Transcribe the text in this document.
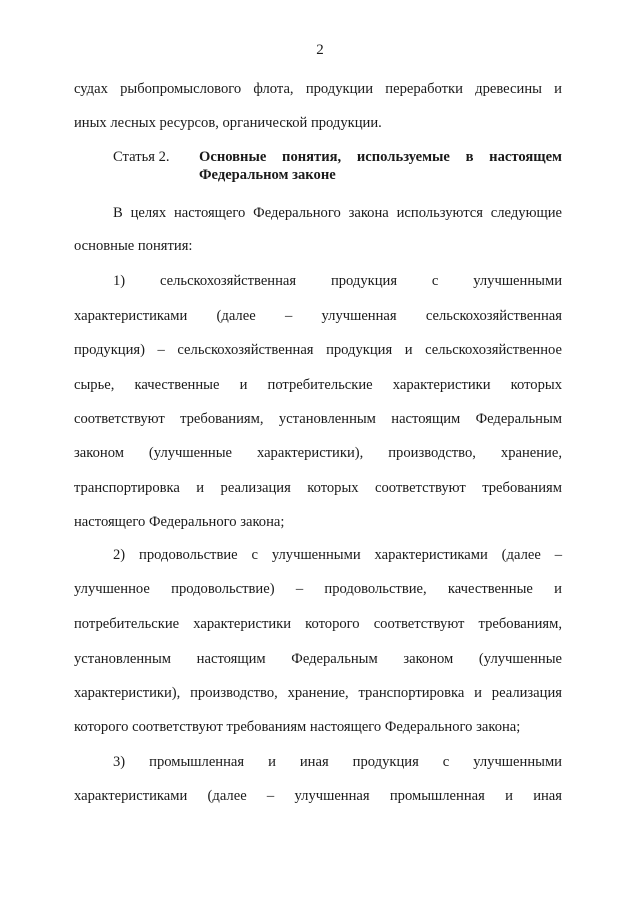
2
судах рыбопромыслового флота, продукции переработки древесины и
иных лесных ресурсов, органической продукции.
Статья 2. Основные понятия, используемые в настоящем Федеральном законе
В целях настоящего Федерального закона используются следующие
основные понятия:
1) сельскохозяйственная продукция с улучшенными
характеристиками (далее – улучшенная сельскохозяйственная
продукция) – сельскохозяйственная продукция и сельскохозяйственное
сырье, качественные и потребительские характеристики которых
соответствуют требованиям, установленным настоящим Федеральным
законом (улучшенные характеристики), производство, хранение,
транспортировка и реализация которых соответствуют требованиям
настоящего Федерального закона;
2) продовольствие с улучшенными характеристиками (далее –
улучшенное продовольствие) – продовольствие, качественные и
потребительские характеристики которого соответствуют требованиям,
установленным настоящим Федеральным законом (улучшенные
характеристики), производство, хранение, транспортировка и реализация
которого соответствуют требованиям настоящего Федерального закона;
3) промышленная и иная продукция с улучшенными
характеристиками (далее – улучшенная промышленная и иная
